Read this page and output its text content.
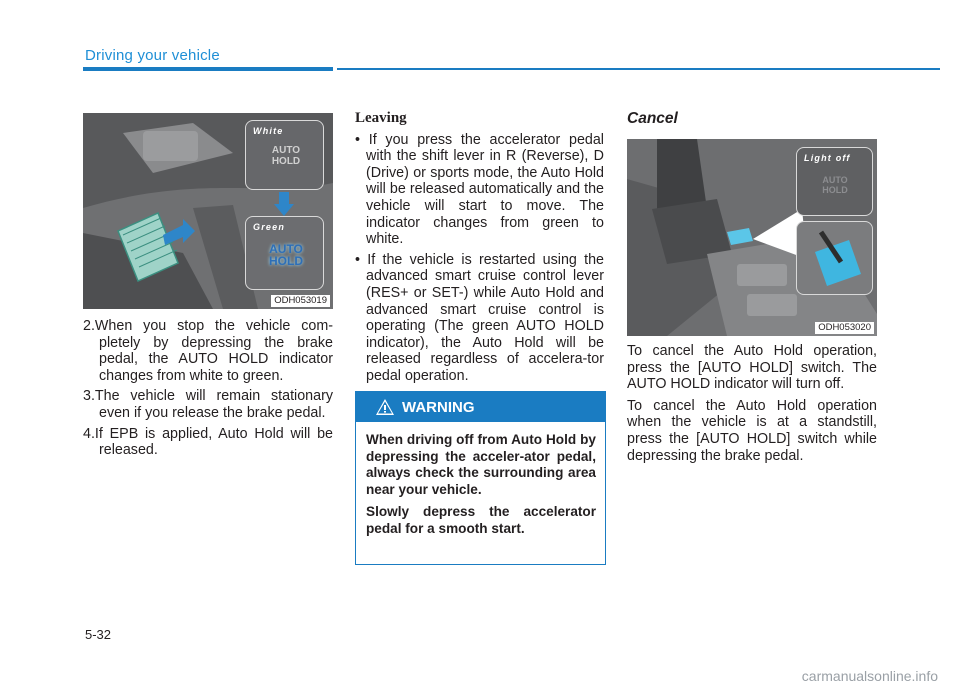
Driving your vehicle
White
AUTO HOLD
Green
AUTO HOLD
ODH053019
2.When you stop the vehicle com-pletely by depressing the brake pedal, the AUTO HOLD indicator changes from white to green.
3.The vehicle will remain stationary even if you release the brake pedal.
4.If EPB is applied, Auto Hold will be released.
Leaving
• If you press the accelerator pedal with the shift lever in R (Reverse), D (Drive) or sports mode, the Auto Hold will be released automatically and the vehicle will start to move. The indicator changes from green to white.
• If the vehicle is restarted using the advanced smart cruise control lever (RES+ or SET-) while Auto Hold and advanced smart cruise control is operating (The green AUTO HOLD indicator), the Auto Hold will be released regardless of accelera-tor pedal operation.
WARNING

When driving off from Auto Hold by depressing the acceler-ator pedal, always check the surrounding area near your vehicle.

Slowly depress the accelerator pedal for a smooth start.

Cancel
Light off
AUTO HOLD
ODH053020

To cancel the Auto Hold operation, press the [AUTO HOLD] switch. The AUTO HOLD indicator will turn off.

To cancel the Auto Hold operation when the vehicle is at a standstill, press the [AUTO HOLD] switch while depressing the brake pedal.

5-32
carmanualsonline.info
